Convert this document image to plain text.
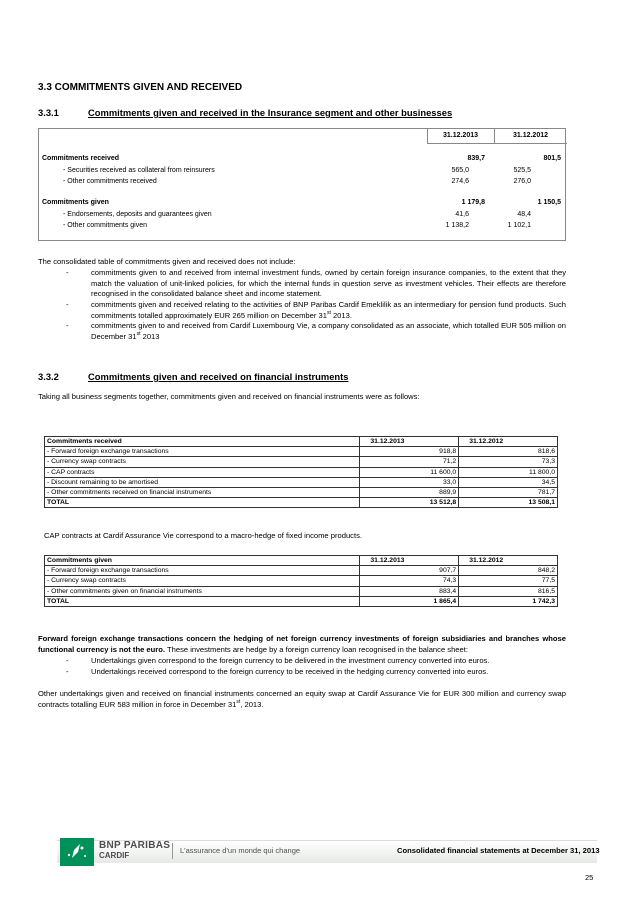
3.3 COMMITMENTS GIVEN AND RECEIVED
3.3.1	Commitments given and received in the Insurance segment and other businesses
31.12.2013	31.12.2012
Commitments received	839,7	801,5
- Securities received as collateral from reinsurers	565,0	525,5
- Other commitments received	274,6	276,0
Commitments given	1 179,8	1 150,5
- Endorsements, deposits and guarantees given	41,6	48,4
- Other commitments given	1 138,2	1 102,1
The consolidated table of commitments given and received does not include:
-	commitments given to and received from internal investment funds, owned by certain foreign insurance companies, to the extent that they match the valuation of unit-linked policies, for which the internal funds in question serve as investment vehicles. Their effects are therefore recognised in the consolidated balance sheet and income statement.
-	commitments given and received relating to the activities of BNP Paribas Cardif Emeklilik as an intermediary for pension fund products. Such commitments totalled approximately EUR 265 million on December 31st 2013.
-	commitments given to and received from Cardif Luxembourg Vie, a company consolidated as an associate, which totalled EUR 505 million on December 31st 2013
3.3.2	Commitments given and received on financial instruments
Taking all business segments together, commitments given and received on financial instruments were as follows:
Commitments received	31.12.2013	31.12.2012
- Forward foreign exchange transactions	918,8	818,6
- Currency swap contracts	71,2	73,3
- CAP contracts	11 600,0	11 800,0
- Discount remaining to be amortised	33,0	34,5
- Other commitments received on financial instruments	889,9	781,7
TOTAL	13 512,8	13 508,1
CAP contracts at Cardif Assurance Vie correspond to a macro-hedge of fixed income products.
Commitments given	31.12.2013	31.12.2012
- Forward foreign exchange transactions	907,7	848,2
- Currency swap contracts	74,3	77,5
- Other commitments given on financial instruments	883,4	816,5
TOTAL	1 865,4	1 742,3
Forward foreign exchange transactions concern the hedging of net foreign currency investments of foreign subsidiaries and branches whose functional currency is not the euro. These investments are hedge by a foreign currency loan recognised in the balance sheet:
-	Undertakings given correspond to the foreign currency to be delivered in the investment currency converted into euros.
-	Undertakings received correspond to the foreign currency to be received in the hedging currency converted into euros.
Other undertakings given and received on financial instruments concerned an equity swap at Cardif Assurance Vie for EUR 300 million and currency swap contracts totalling EUR 583 million in force in December 31st, 2013.
BNP PARIBAS
CARDIF
L'assurance d'un monde qui change	Consolidated financial statements at December 31, 2013
25
